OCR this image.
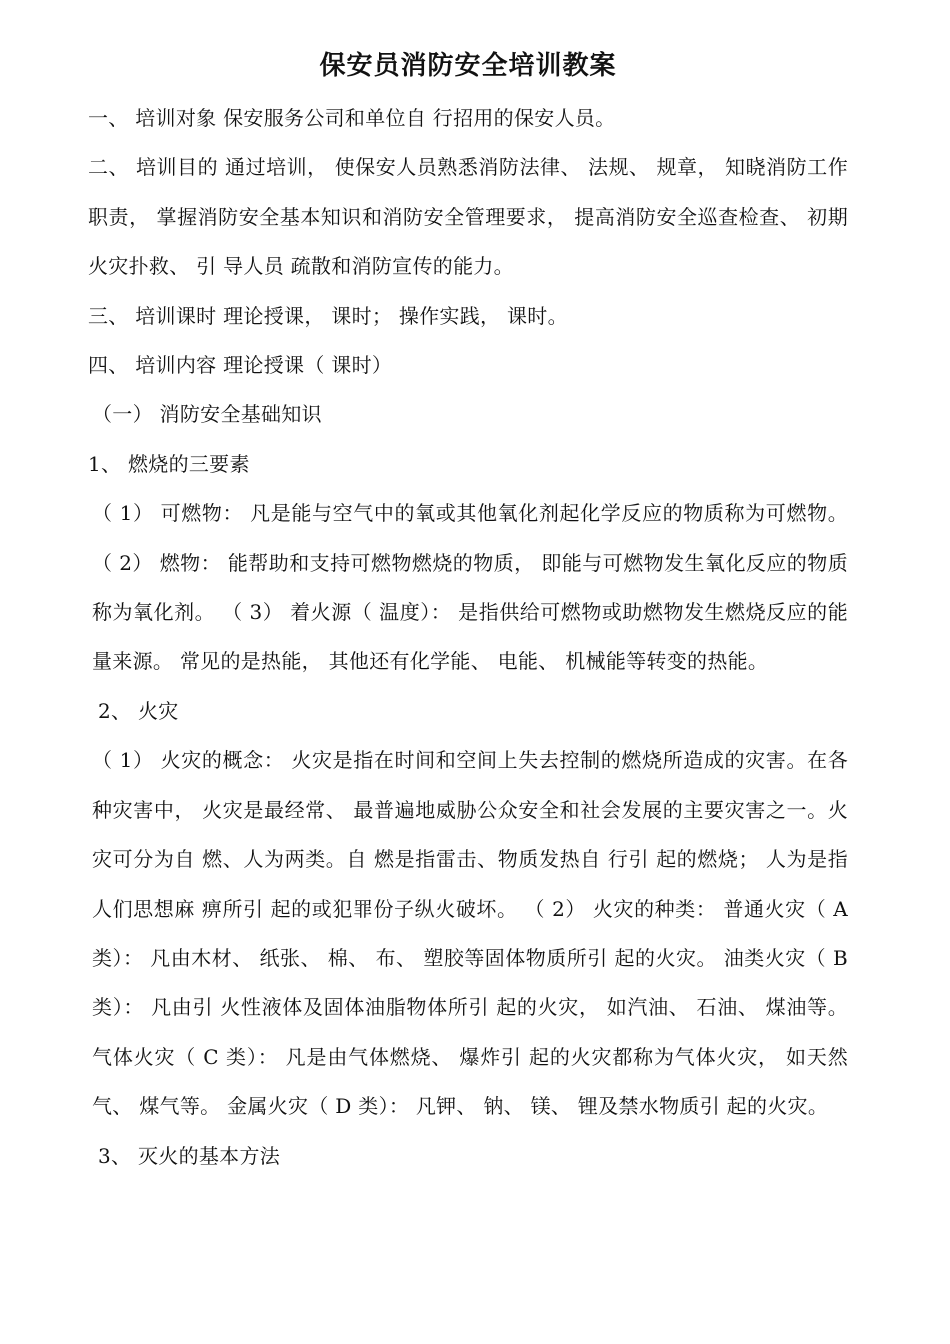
保安员消防安全培训教案

一、 培训对象 保安服务公司和单位自 行招用的保安人员。

二、 培训目的 通过培训， 使保安人员熟悉消防法律、 法规、 规章， 知晓消防工作职责， 掌握消防安全基本知识和消防安全管理要求， 提高消防安全巡查检查、 初期火灾扑救、 引 导人员 疏散和消防宣传的能力。

三、 培训课时 理论授课， 课时； 操作实践， 课时。

四、 培训内容 理论授课（ 课时）

（一） 消防安全基础知识

1、 燃烧的三要素

（ 1） 可燃物： 凡是能与空气中的氧或其他氧化剂起化学反应的物质称为可燃物。 （ 2） 燃物： 能帮助和支持可燃物燃烧的物质， 即能与可燃物发生氧化反应的物质称为氧化剂。 （ 3） 着火源（ 温度）： 是指供给可燃物或助燃物发生燃烧反应的能量来源。 常见的是热能， 其他还有化学能、 电能、 机械能等转变的热能。

2、 火灾

（ 1） 火灾的概念： 火灾是指在时间和空间上失去控制的燃烧所造成的灾害。在各种灾害中， 火灾是最经常、 最普遍地威胁公众安全和社会发展的主要灾害之一。火灾可分为自 燃、人为两类。自 燃是指雷击、物质发热自 行引 起的燃烧； 人为是指人们思想麻 痹所引 起的或犯罪份子纵火破坏。 （ 2） 火灾的种类： 普通火灾（ A 类）： 凡由木材、 纸张、 棉、 布、 塑胶等固体物质所引 起的火灾。 油类火灾（ B 类）： 凡由引 火性液体及固体油脂物体所引 起的火灾， 如汽油、 石油、 煤油等。 气体火灾（ C 类）： 凡是由气体燃烧、 爆炸引 起的火灾都称为气体火灾， 如天然气、 煤气等。 金属火灾（ D 类）： 凡钾、 钠、 镁、 锂及禁水物质引 起的火灾。

3、 灭火的基本方法
